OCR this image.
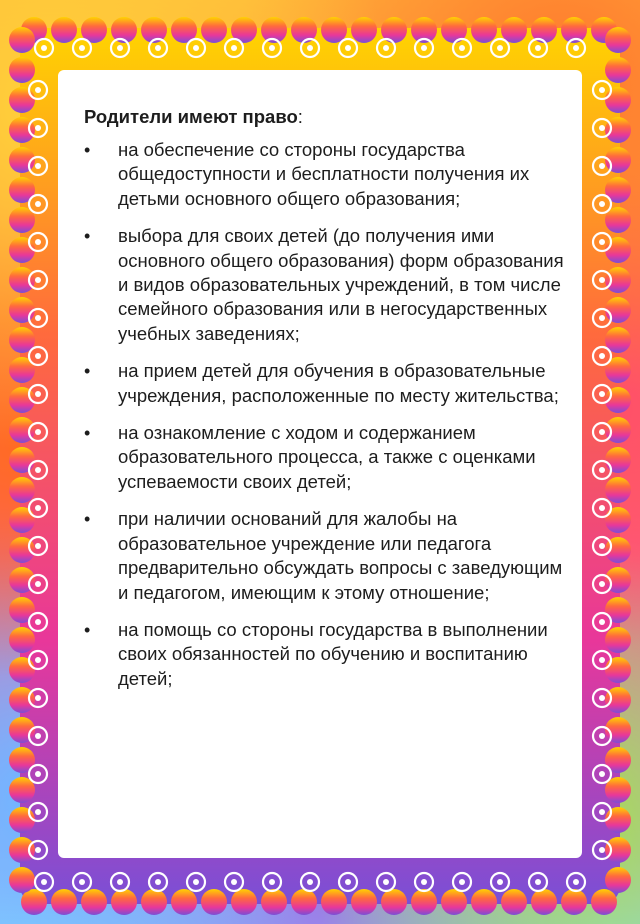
Родители имеют право:

• на обеспечение со стороны государства общедоступности и бесплатности получения их детьми основного общего образования;
• выбора для своих детей (до получения ими основного общего образования) форм образования и видов образовательных учреждений, в том числе семейного образования или в негосударственных учебных заведениях;
• на прием детей для обучения в образовательные учреждения, расположенные по месту жительства;
• на ознакомление с ходом и содержанием образовательного процесса, а также с оценками успеваемости своих детей;
• при наличии оснований для жалобы на образовательное учреждение или педагога предварительно обсуждать вопросы с заведующим и педагогом, имеющим к этому отношение;
• на помощь со стороны государства в выполнении своих обязанностей по обучению и воспитанию детей;
